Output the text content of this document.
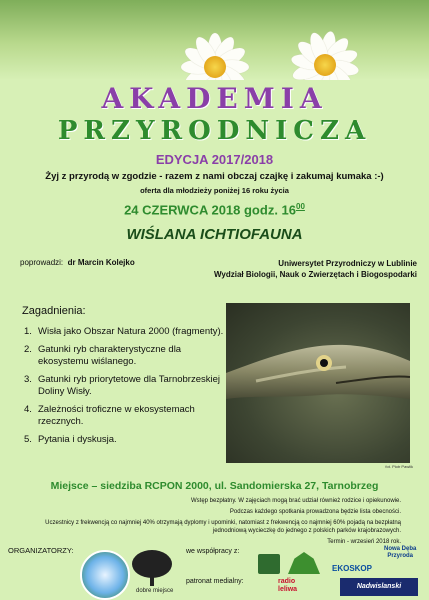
AKADEMIA
PRZYRODNICZA
EDYCJA 2017/2018
Żyj z przyrodą w zgodzie - razem z nami obczaj czajkę i zakumaj kumaka :-)
oferta dla młodzieży poniżej 16 roku życia
24 CZERWCA 2018 godz. $16^{00}$
WIŚLANA ICHTIOFAUNA
poprowadzi: dr Marcin Kolejko	Uniwersytet Przyrodniczy w Lublinie
Wydział Biologii, Nauk o Zwierzętach i Biogospodarki
Zagadnienia:
1. Wisła jako Obszar Natura 2000 (fragmenty).
2. Gatunki ryb charakterystyczne dla ekosystemu wiślanego.
3. Gatunki ryb priorytetowe dla Tarnobrzeskiej Doliny Wisły.
4. Zależności troficzne w ekosystemach rzecznych.
5. Pytania i dyskusja.
fot. Piotr Pawlik
Miejsce – siedziba RCPON 2000, ul. Sandomierska 27, Tarnobrzeg

Wstęp bezpłatny. W zajęciach mogą brać udział również rodzice i opiekunowie.

Podczas każdego spotkania prowadzona będzie lista obecności.

Uczestnicy z frekwencją co najmniej 40% otrzymają dyplomy i upominki, natomiast z frekwencją co najmniej 60% pojadą na bezpłatną jednodniową wycieczkę do jednego z polskich parków krajobrazowych.

Termin - wrzesień 2018 rok.

ORGANIZATORZY:
dobre miejsce
we współpracy z:
EKOSKOP
Nowa Dęba
Przyroda
patronat medialny:	radio
leliwa	Nadwislanski
